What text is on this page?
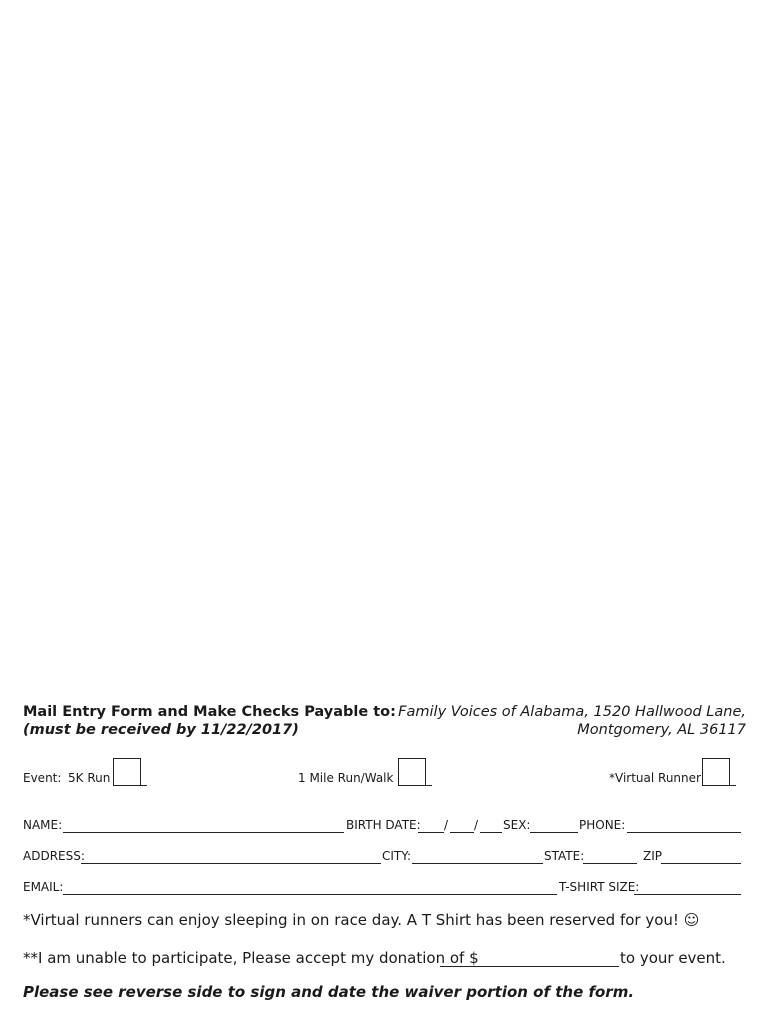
Mail Entry Form and Make Checks Payable to:
(must be received by 11/22/2017)
Family Voices of Alabama, 1520 Hallwood Lane,
Montgomery, AL 36117
Event: 5K Run	1 Mile Run/Walk	*Virtual Runner
NAME:	BIRTH DATE: / / SEX:	PHONE:
ADDRESS:	CITY:	STATE:	ZIP
EMAIL:	T-SHIRT SIZE:
*Virtual runners can enjoy sleeping in on race day. A T Shirt has been reserved for you! ☺
**I am unable to participate, Please accept my donation of $	to your event.
Please see reverse side to sign and date the waiver portion of the form.
